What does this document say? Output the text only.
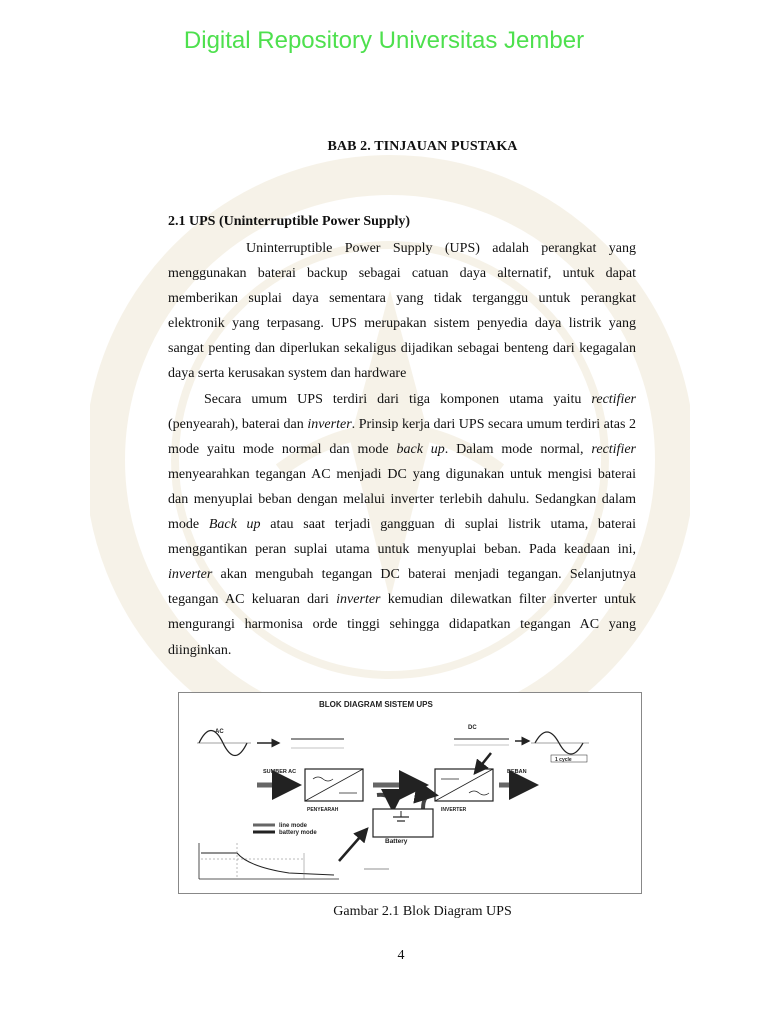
Digital Repository Universitas Jember
BAB 2. TINJAUAN PUSTAKA
2.1 UPS (Uninterruptible Power Supply)

Uninterruptible Power Supply (UPS) adalah perangkat yang menggunakan baterai backup sebagai catuan daya alternatif, untuk dapat memberikan suplai daya sementara yang tidak terganggu untuk perangkat elektronik yang terpasang. UPS merupakan sistem penyedia daya listrik yang sangat penting dan diperlukan sekaligus dijadikan sebagai benteng dari kegagalan daya serta kerusakan system dan hardware

Secara umum UPS terdiri dari tiga komponen utama yaitu rectifier (penyearah), baterai dan inverter. Prinsip kerja dari UPS secara umum terdiri atas 2 mode yaitu mode normal dan mode back up. Dalam mode normal, rectifier menyearahkan tegangan AC menjadi DC yang digunakan untuk mengisi baterai dan menyuplai beban dengan melalui inverter terlebih dahulu. Sedangkan dalam mode Back up atau saat terjadi gangguan di suplai listrik utama, baterai menggantikan peran suplai utama untuk menyuplai beban. Pada keadaan ini, inverter akan mengubah tegangan DC baterai menjadi tegangan. Selanjutnya tegangan AC keluaran dari inverter kemudian dilewatkan filter inverter untuk mengurangi harmonisa orde tinggi sehingga didapatkan tegangan AC yang diinginkan.

BLOK DIAGRAM SISTEM UPS
AC
DC
1 cycle
SUMBER AC	BEBAN
PENYEARAH	INVERTER
Battery
line mode
battery mode
Gambar 2.1 Blok Diagram UPS
4
